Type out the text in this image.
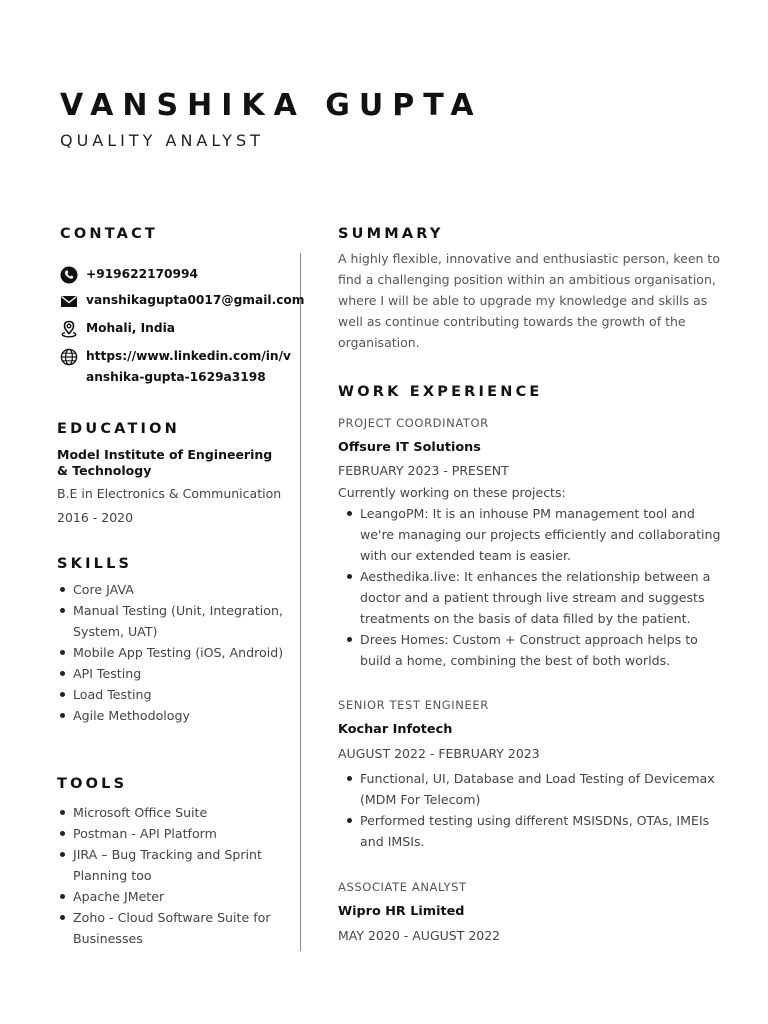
VANSHIKA GUPTA

QUALITY ANALYST

CONTACT
+919622170994
vanshikagupta0017@gmail.com
Mohali, India
https://www.linkedin.com/in/v
anshika-gupta-1629a3198
EDUCATION

Model Institute of Engineering

& Technology

B.E in Electronics & Communication

2016 - 2020

SKILLS
Core JAVA
Manual Testing (Unit, Integration, System, UAT)
Mobile App Testing (iOS, Android)
API Testing
Load Testing
Agile Methodology
TOOLS
Microsoft Office Suite
Postman - API Platform
JIRA – Bug Tracking and Sprint Planning too
Apache JMeter
Zoho - Cloud Software Suite for Businesses
SUMMARY

A highly flexible, innovative and enthusiastic person, keen to find a challenging position within an ambitious organisation, where I will be able to upgrade my knowledge and skills as well as continue contributing towards the growth of the organisation.

WORK EXPERIENCE

PROJECT COORDINATOR

Offsure IT Solutions

FEBRUARY 2023 - PRESENT

Currently working on these projects:

LeangoPM: It is an inhouse PM management tool and we're managing our projects efficiently and collaborating with our extended team is easier.
Aesthedika.live: It enhances the relationship between a doctor and a patient through live stream and suggests treatments on the basis of data filled by the patient.
Drees Homes: Custom + Construct approach helps to build a home, combining the best of both worlds.

SENIOR TEST ENGINEER

Kochar Infotech

AUGUST 2022 - FEBRUARY 2023

Functional, UI, Database and Load Testing of Devicemax (MDM For Telecom)
Performed testing using different MSISDNs, OTAs, IMEIs and IMSIs.

ASSOCIATE ANALYST

Wipro HR Limited

MAY 2020 - AUGUST 2022
